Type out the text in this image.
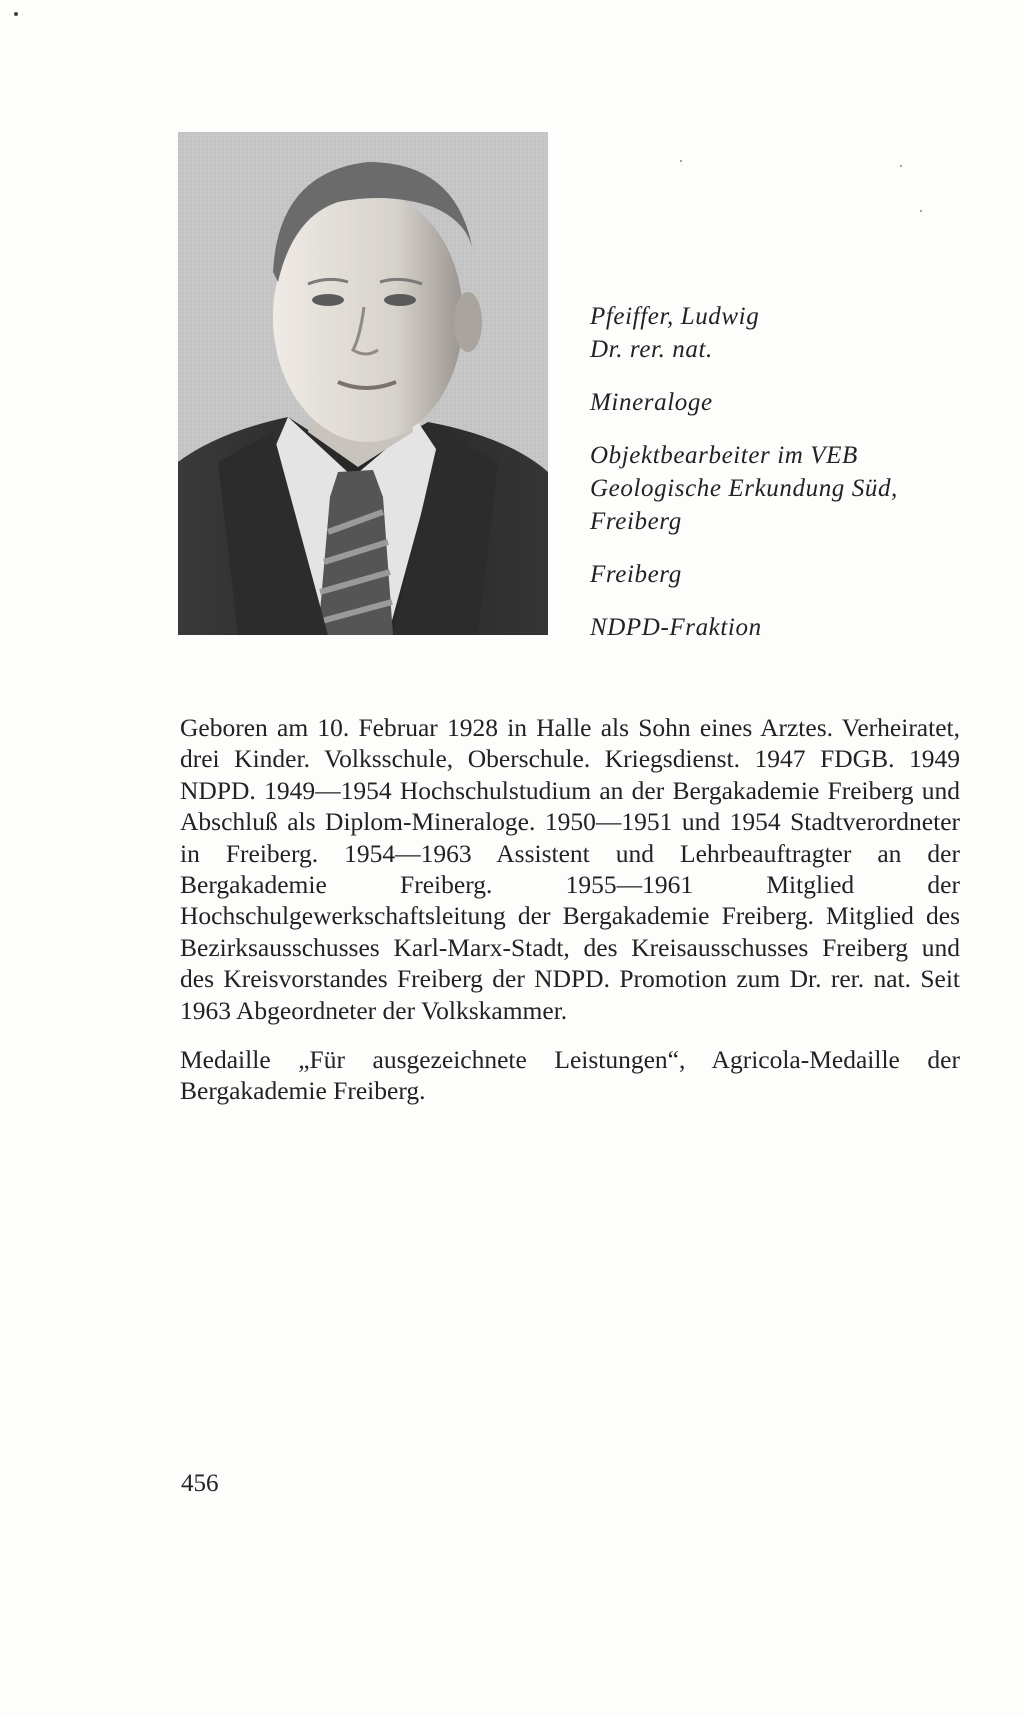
Pfeiffer, Ludwig
Dr. rer. nat.
Mineraloge
Objektbearbeiter im VEB
Geologische Erkundung Süd,
Freiberg
Freiberg
NDPD-Fraktion

Geboren am 10. Februar 1928 in Halle als Sohn eines Arztes. Verheiratet, drei Kinder. Volksschule, Oberschule. Kriegsdienst. 1947 FDGB. 1949 NDPD. 1949—1954 Hochschulstudium an der Bergakademie Freiberg und Abschluß als Diplom-Mineraloge. 1950—1951 und 1954 Stadtverordneter in Freiberg. 1954—1963 Assistent und Lehrbeauftragter an der Bergakademie Freiberg. 1955—1961 Mitglied der Hochschulgewerkschaftsleitung der Bergakademie Freiberg. Mitglied des Bezirksausschusses Karl-Marx-Stadt, des Kreisausschusses Freiberg und des Kreisvorstandes Freiberg der NDPD. Promotion zum Dr. rer. nat. Seit 1963 Abgeordneter der Volkskammer.

Medaille „Für ausgezeichnete Leistungen“, Agricola-Medaille der Bergakademie Freiberg.

456
